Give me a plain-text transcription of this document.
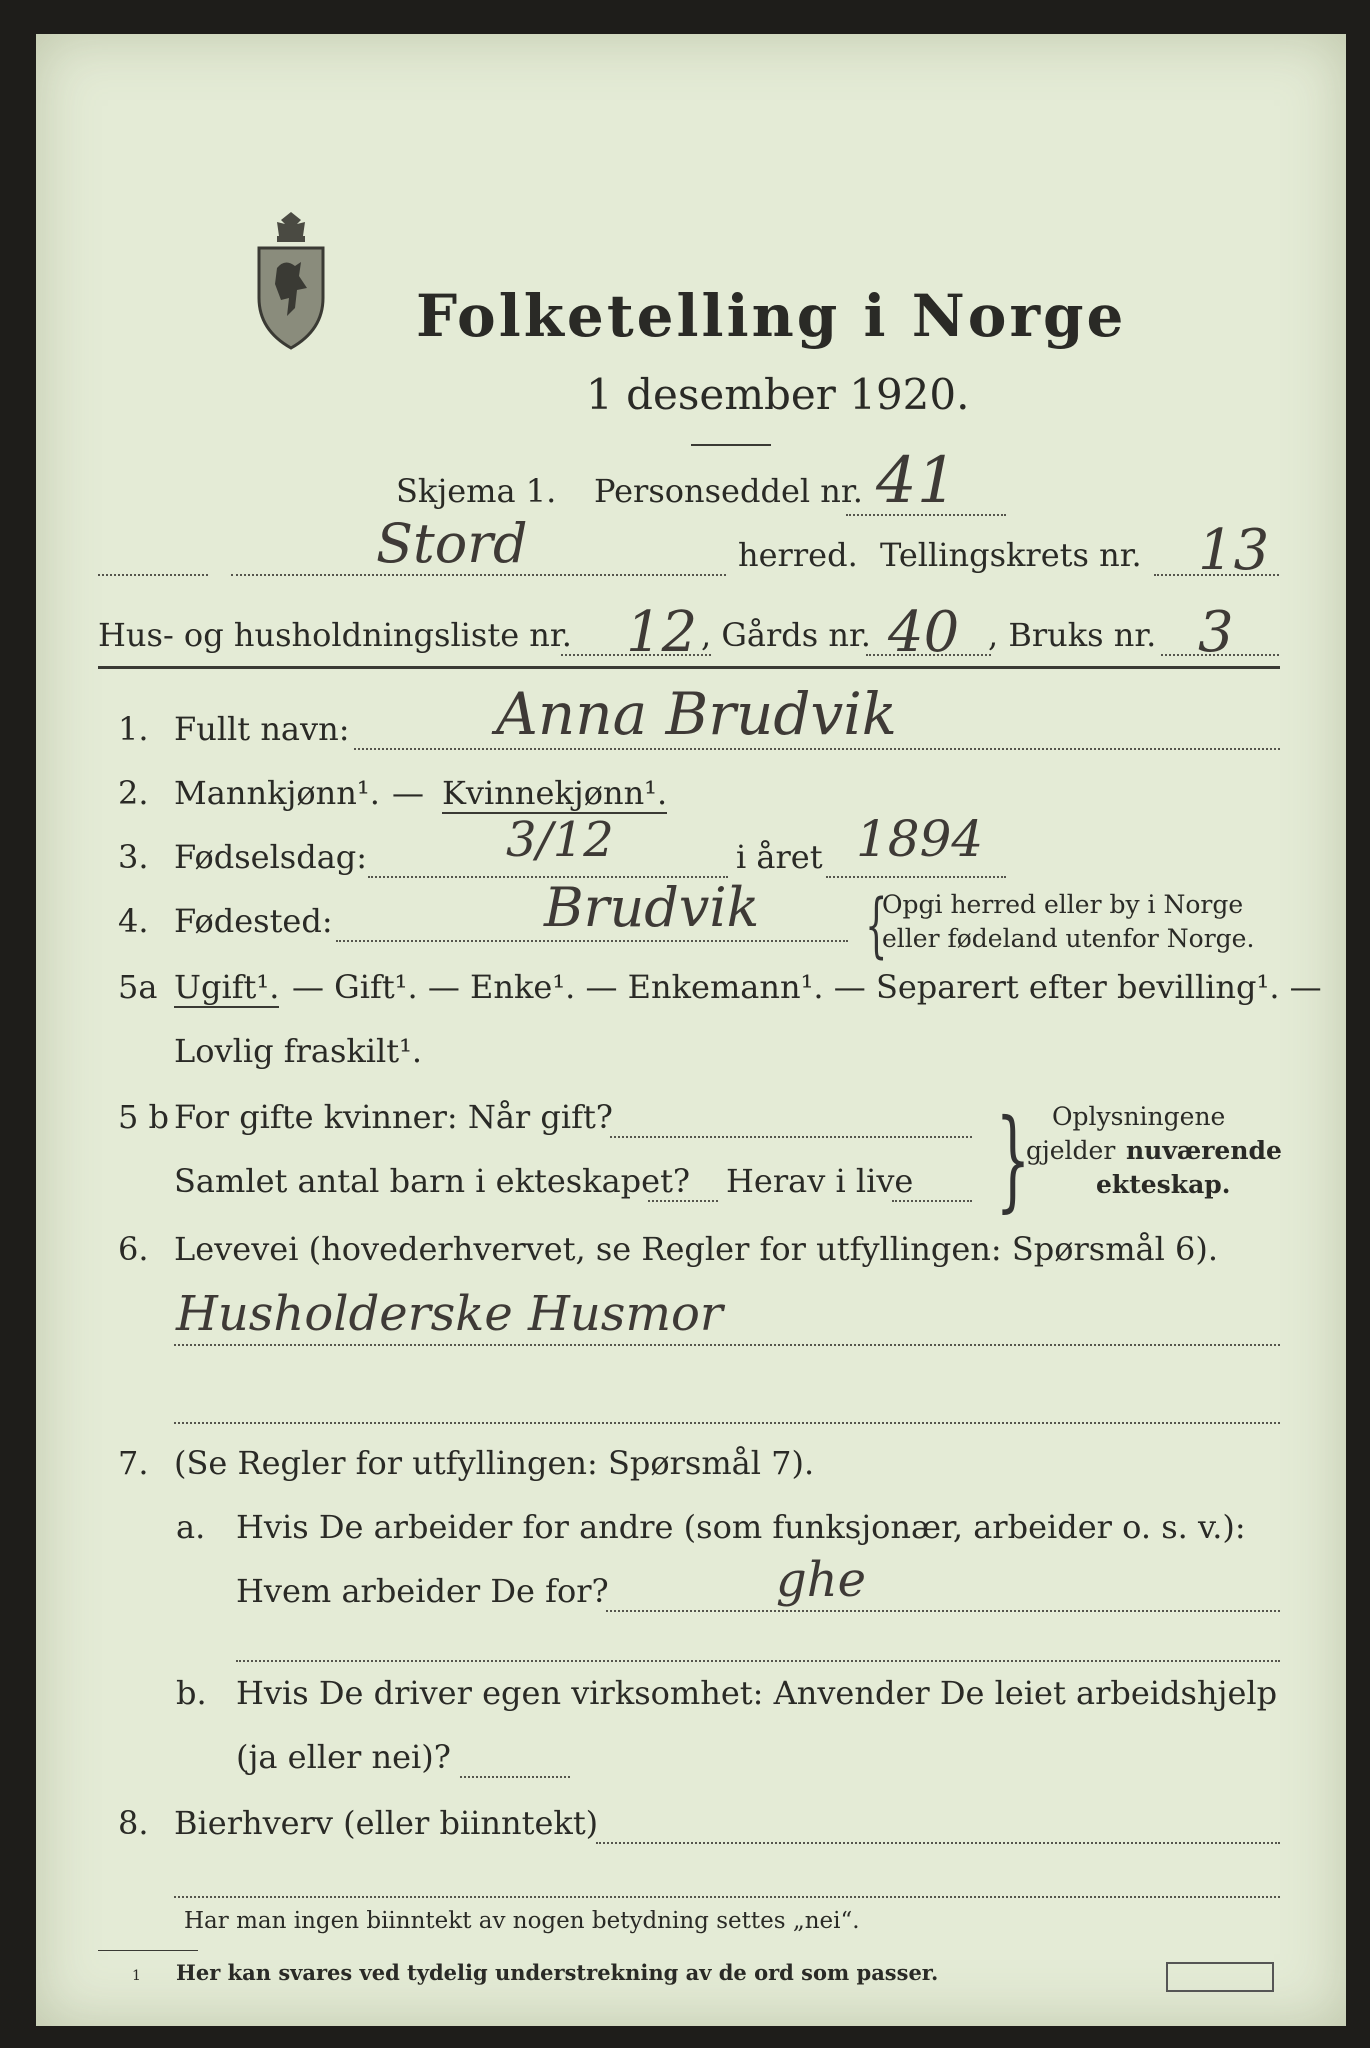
Folketelling i Norge
1 desember 1920.
Skjema 1. Personseddel nr. 41
Stord	herred. Tellingskrets nr. 13
Hus- og husholdningsliste nr. 12 , Gårds nr. 40 , Bruks nr. 3
1. Fullt navn:	Anna Brudvik
2. Mannkjønn¹. — Kvinnekjønn¹.
3. Fødselsdag:	3/12	i året 1894
4. Fødested:	Brudvik {
Opgi herred eller by i Norge
eller fødeland utenfor Norge.
5a Ugift¹. — Gift¹. — Enke¹. — Enkemann¹. — Separert efter bevilling¹. —
Lovlig fraskilt¹.
5 b For gifte kvinner: Når gift?
Samlet antal barn i ekteskapet? Herav i live } Oplysningene
gjelder nuværende
ekteskap.
6. Levevei (hovederhvervet, se Regler for utfyllingen: Spørsmål 6).
Husholderske Husmor
7. (Se Regler for utfyllingen: Spørsmål 7).
a. Hvis De arbeider for andre (som funksjonær, arbeider o. s. v.):
Hvem arbeider De for?	ghe
b. Hvis De driver egen virksomhet: Anvender De leiet arbeidshjelp
(ja eller nei)?
8. Bierhverv (eller biinntekt)
Har man ingen biinntekt av nogen betydning settes „nei“.
1 Her kan svares ved tydelig understrekning av de ord som passer.
